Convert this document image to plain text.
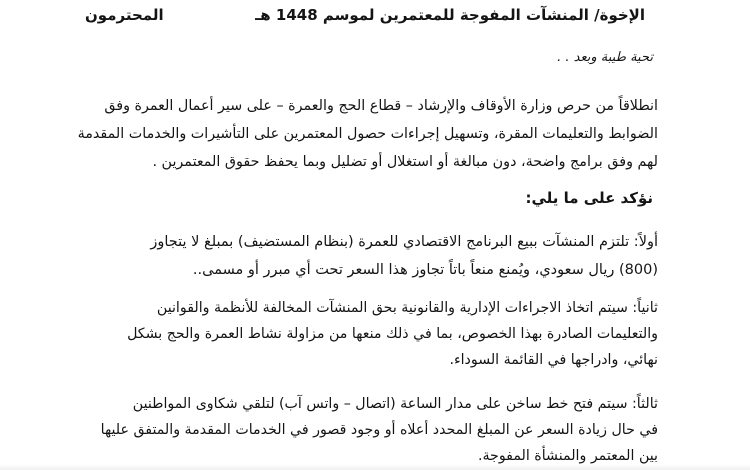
الإخوة/ المنشآت المفوجة للمعتمرين لموسم 1448 هـ
المحترمون
تحية طيبة وبعد . .
انطلاقاً من حرص وزارة الأوقاف والإرشاد – قطاع الحج والعمرة – على سير أعمال العمرة وفق
الضوابط والتعليمات المقرة، وتسهيل إجراءات حصول المعتمرين على التأشيرات والخدمات المقدمة
لهم وفق برامج واضحة، دون مبالغة أو استغلال أو تضليل وبما يحفظ حقوق المعتمرين .
نؤكد على ما يلي:
أولاً: تلتزم المنشآت ببيع البرنامج الاقتصادي للعمرة (بنظام المستضيف) بمبلغ لا يتجاوز
(800) ريال سعودي، ويُمنع منعاً باتاً تجاوز هذا السعر تحت أي مبرر أو مسمى..
ثانياً: سيتم اتخاذ الاجراءات الإدارية والقانونية بحق المنشآت المخالفة للأنظمة والقوانين
والتعليمات الصادرة بهذا الخصوص، بما في ذلك منعها من مزاولة نشاط العمرة والحج بشكل
نهائي، وادراجها في القائمة السوداء.
ثالثاً: سيتم فتح خط ساخن على مدار الساعة (اتصال – واتس آب) لتلقي شكاوى المواطنين
في حال زيادة السعر عن المبلغ المحدد أعلاه أو وجود قصور في الخدمات المقدمة والمتفق عليها
بين المعتمر والمنشأة المفوجة.
